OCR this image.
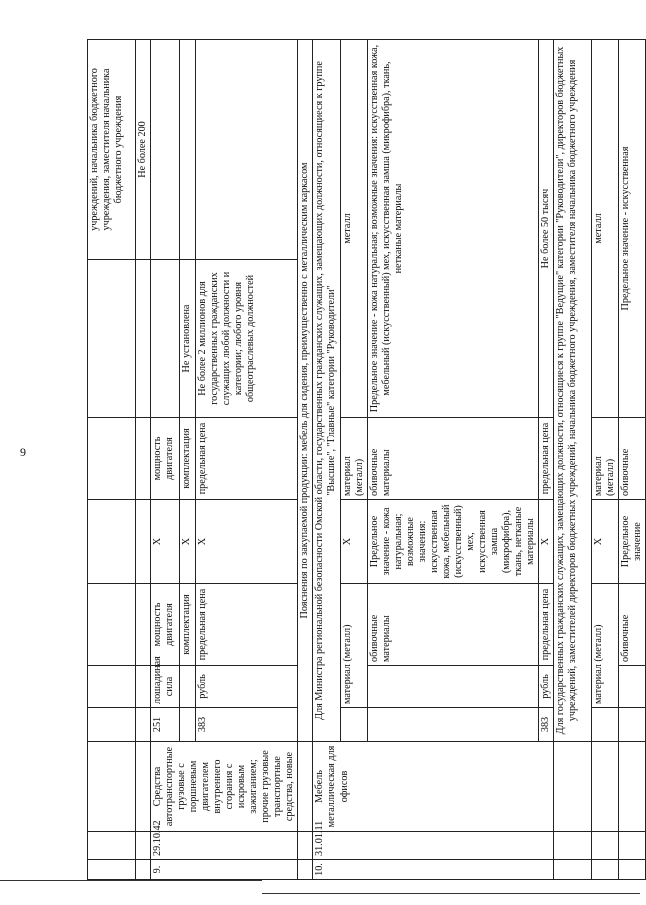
9
									учреждений, начальника бюджетного учреждения, заместителя начальника бюджетного учреждения
									Не более 200
9.	29.10.42	Средства автотранспортные грузовые с поршневым двигателем внутреннего сгорания с искровым зажиганием; прочие грузовые транспортные средства, новые	251	лошадиная сила	мощность двигателя	Х	мощность двигателя		
					комплектация	Х	комплектация	Не установлена	
			383	рубль	предельная цена	Х	предельная цена	Не более 2 миллионов для государственных гражданских служащих любой должности и категории; любого уровня общеотраслевых должностей	
			Пояснения по закупаемой продукции: мебель для сидения, преимущественно с металлическим каркасом						
10.	31.01.11	Мебель металлическая для офисов	Для Министра региональной безопасности Омской области, государственных гражданских служащих, замещающих должности, относящиеся к группе "Высшие", "Главные" категории "Руководители"						
				материал (металл)		Х	материал (металл)	металл	
					обивочные материалы	Предельное значение - кожа натуральная; возможные значения: искусственная кожа, мебельный (искусственный) мех, искусственная замша (микрофибра), ткань, нетканые материалы	обивочные материалы	Предельное значение - кожа натуральная; возможные значения: искусственная кожа, мебельный (искусственный) мех, искусственная замша (микрофибра), ткань, нетканые материалы	
			383	рубль	предельная цена	Х	предельная цена	Не более 50 тысяч	
			Для государственных гражданских служащих, замещающих должности, относящиеся к группе "Ведущие" категории "Руководители", директоров бюджетных учреждений, заместителей директоров бюджетных учреждений, начальника бюджетного учреждения, заместителя начальника бюджетного учреждения						
				материал (металл)		Х	материал (металл)	металл	
					обивочные	Предельное значение	обивочные	Предельное значение - искусственная	
